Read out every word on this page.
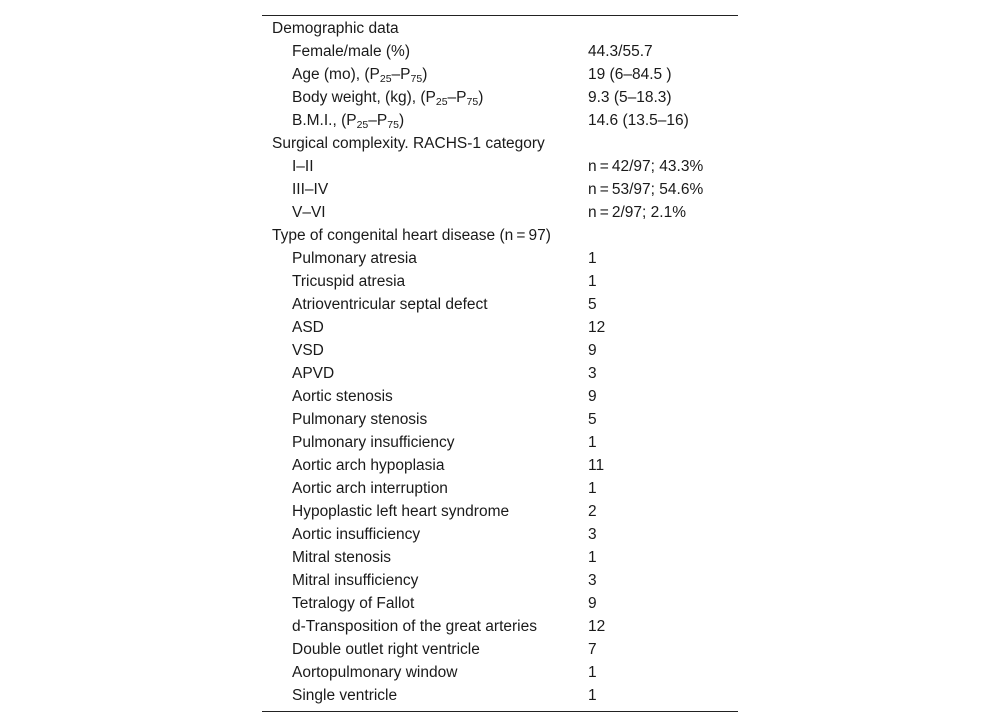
Demographic data
Female/male (%)	44.3/55.7
Age (mo), $(P_{25}-P_{75})$	19 (6–84.5 )
Body weight, (kg), $(P_{25}-P_{75})$	9.3 (5–18.3)
B.M.I., $(P_{25}-P_{75})$	14.6 (13.5–16)
Surgical complexity. RACHS-1 category
I–II	n = 42/97; 43.3%
III–IV	n = 53/97; 54.6%
V–VI	n = 2/97; 2.1%
Type of congenital heart disease (n = 97)
Pulmonary atresia	1
Tricuspid atresia	1
Atrioventricular septal defect	5
ASD	12
VSD	9
APVD	3
Aortic stenosis	9
Pulmonary stenosis	5
Pulmonary insufficiency	1
Aortic arch hypoplasia	11
Aortic arch interruption	1
Hypoplastic left heart syndrome	2
Aortic insufficiency	3
Mitral stenosis	1
Mitral insufficiency	3
Tetralogy of Fallot	9
d-Transposition of the great arteries	12
Double outlet right ventricle	7
Aortopulmonary window	1
Single ventricle	1
